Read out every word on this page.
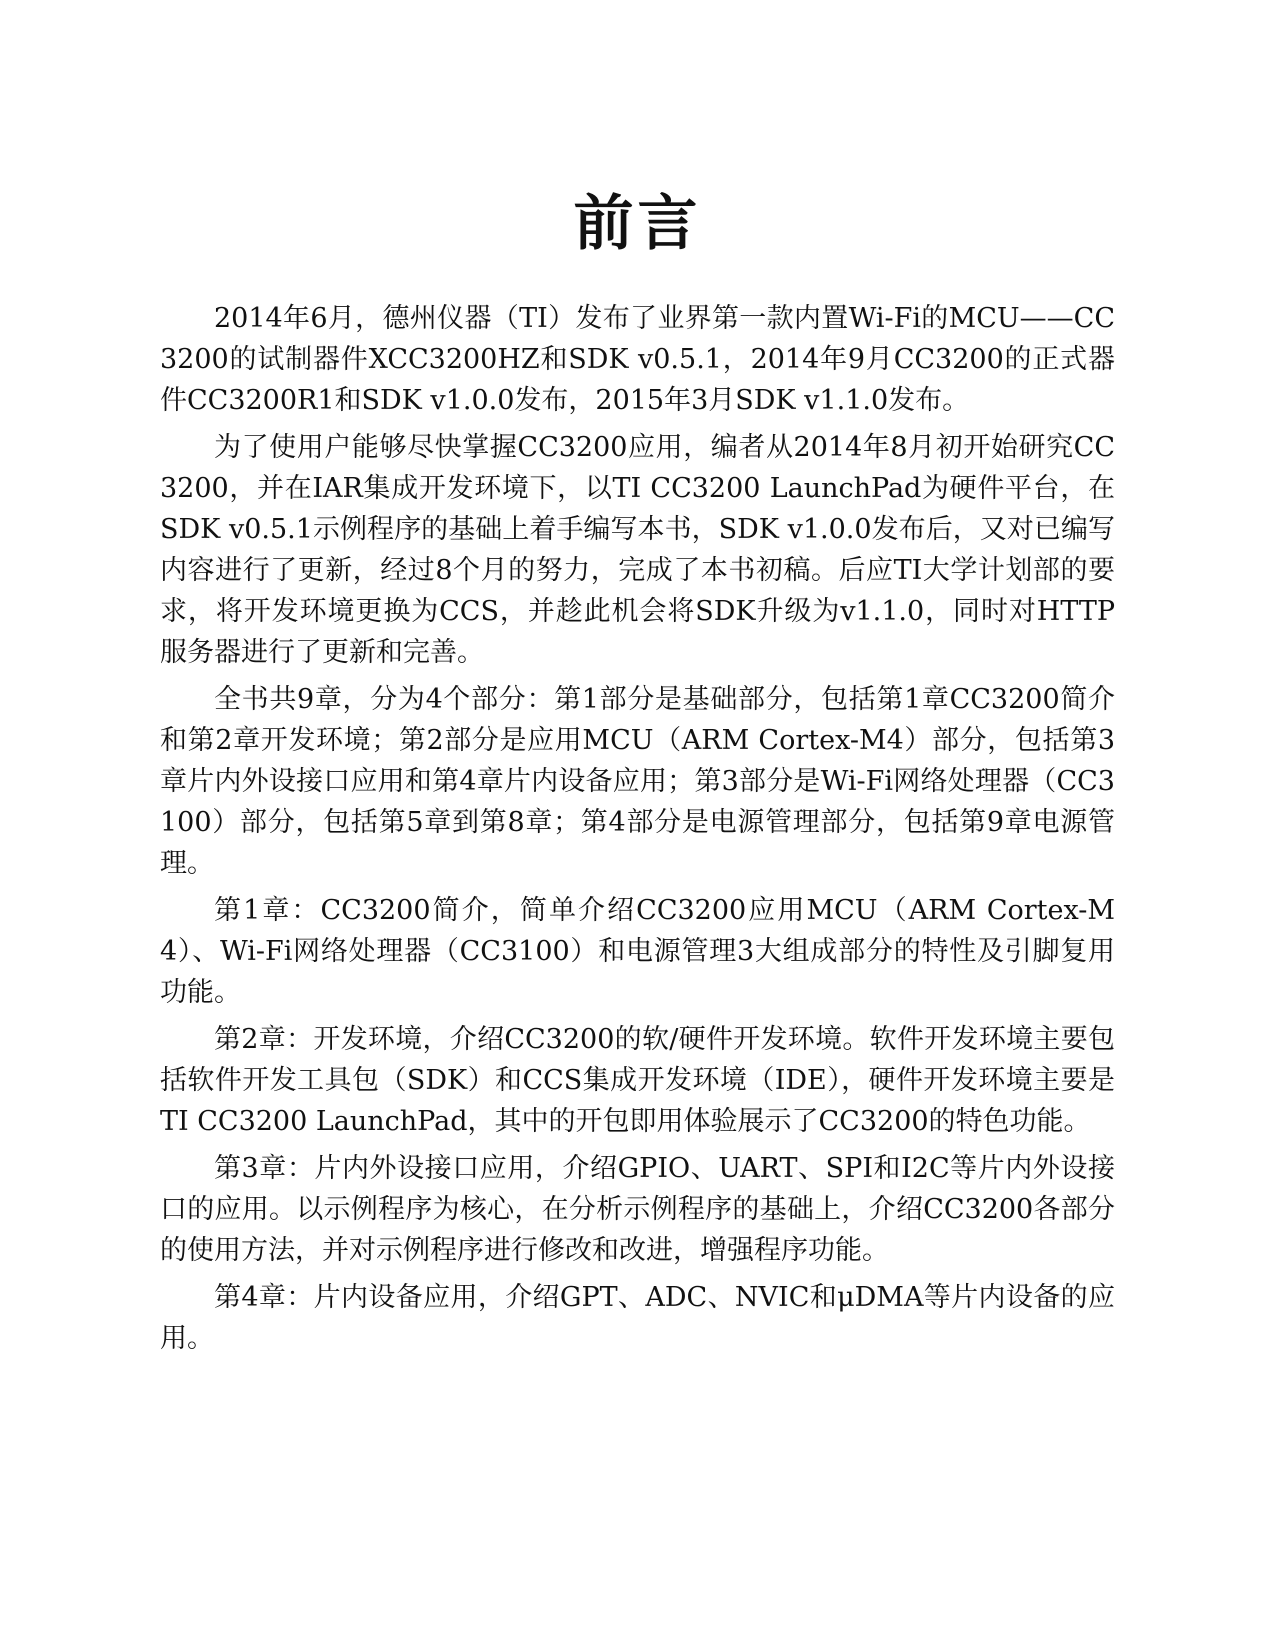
前言

2014年6月，德州仪器（TI）发布了业界第一款内置Wi-Fi的MCU——CC3200的试制器件XCC3200HZ和SDK v0.5.1，2014年9月CC3200的正式器件CC3200R1和SDK v1.0.0发布，2015年3月SDK v1.1.0发布。

为了使用户能够尽快掌握CC3200应用，编者从2014年8月初开始研究CC3200，并在IAR集成开发环境下，以TI CC3200 LaunchPad为硬件平台，在SDK v0.5.1示例程序的基础上着手编写本书，SDK v1.0.0发布后，又对已编写内容进行了更新，经过8个月的努力，完成了本书初稿。后应TI大学计划部的要求，将开发环境更换为CCS，并趁此机会将SDK升级为v1.1.0，同时对HTTP服务器进行了更新和完善。

全书共9章，分为4个部分：第1部分是基础部分，包括第1章CC3200简介和第2章开发环境；第2部分是应用MCU（ARM Cortex-M4）部分，包括第3章片内外设接口应用和第4章片内设备应用；第3部分是Wi-Fi网络处理器（CC3100）部分，包括第5章到第8章；第4部分是电源管理部分，包括第9章电源管理。

第1章：CC3200简介，简单介绍CC3200应用MCU（ARM Cortex-M4）、Wi-Fi网络处理器（CC3100）和电源管理3大组成部分的特性及引脚复用功能。

第2章：开发环境，介绍CC3200的软/硬件开发环境。软件开发环境主要包括软件开发工具包（SDK）和CCS集成开发环境（IDE），硬件开发环境主要是TI CC3200 LaunchPad，其中的开包即用体验展示了CC3200的特色功能。

第3章：片内外设接口应用，介绍GPIO、UART、SPI和I2C等片内外设接口的应用。以示例程序为核心，在分析示例程序的基础上，介绍CC3200各部分的使用方法，并对示例程序进行修改和改进，增强程序功能。

第4章：片内设备应用，介绍GPT、ADC、NVIC和μDMA等片内设备的应用。
